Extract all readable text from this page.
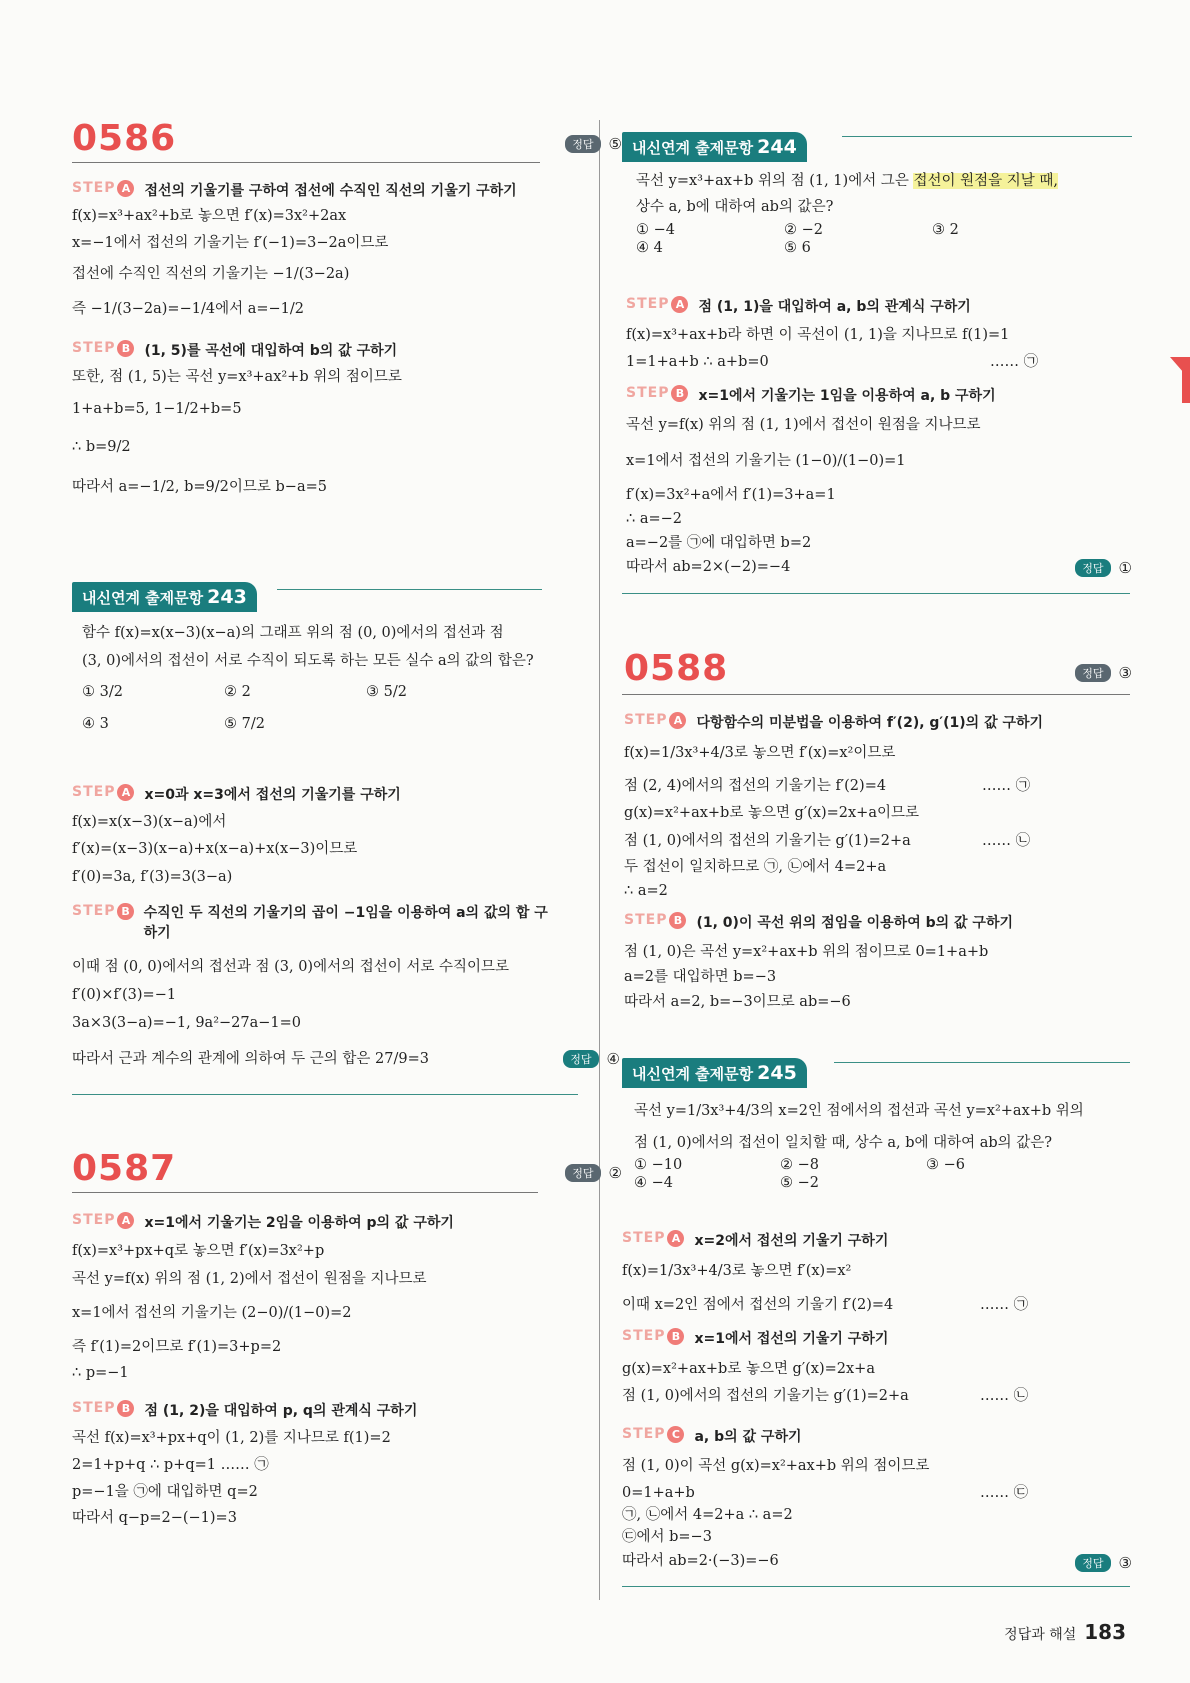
0586	정답	⑤
STEP A	접선의 기울기를 구하여 접선에 수직인 직선의 기울기 구하기
f(x)=x³+ax²+b로 놓으면 f′(x)=3x²+2ax
x=−1에서 접선의 기울기는 f′(−1)=3−2a이므로
접선에 수직인 직선의 기울기는 −1/(3−2a)
즉 −1/(3−2a)=−1/4에서 a=−1/2
STEP B	(1, 5)를 곡선에 대입하여 b의 값 구하기
또한, 점 (1, 5)는 곡선 y=x³+ax²+b 위의 점이므로
1+a+b=5, 1−1/2+b=5
∴ b=9/2
따라서 a=−1/2, b=9/2이므로 b−a=5
내신연계 출제문항 243
함수 f(x)=x(x−3)(x−a)의 그래프 위의 점 (0, 0)에서의 접선과 점
(3, 0)에서의 접선이 서로 수직이 되도록 하는 모든 실수 a의 값의 합은?
① 3/2	② 2	③ 5/2
④ 3	⑤ 7/2
STEP A	x=0과 x=3에서 접선의 기울기를 구하기
f(x)=x(x−3)(x−a)에서
f′(x)=(x−3)(x−a)+x(x−a)+x(x−3)이므로
f′(0)=3a, f′(3)=3(3−a)
STEP B 수직인 두 직선의 기울기의 곱이 −1임을 이용하여 a의 값의 합 구하기
이때 점 (0, 0)에서의 접선과 점 (3, 0)에서의 접선이 서로 수직이므로
f′(0)×f′(3)=−1
3a×3(3−a)=−1, 9a²−27a−1=0
따라서 근과 계수의 관계에 의하여 두 근의 합은 27/9=3	정답	④
0587	정답	②
STEP A	x=1에서 기울기는 2임을 이용하여 p의 값 구하기
f(x)=x³+px+q로 놓으면 f′(x)=3x²+p
곡선 y=f(x) 위의 점 (1, 2)에서 접선이 원점을 지나므로
x=1에서 접선의 기울기는 (2−0)/(1−0)=2
즉 f′(1)=2이므로 f′(1)=3+p=2
∴ p=−1
STEP B	점 (1, 2)을 대입하여 p, q의 관계식 구하기
곡선 f(x)=x³+px+q이 (1, 2)를 지나므로 f(1)=2
2=1+p+q ∴ p+q=1 …… ㉠
p=−1을 ㉠에 대입하면 q=2
따라서 q−p=2−(−1)=3
내신연계 출제문항 244
곡선 y=x³+ax+b 위의 점 (1, 1)에서 그은 접선이 원점을 지날 때,
상수 a, b에 대하여 ab의 값은?
① −4	② −2	③ 2
④ 4	⑤ 6
STEP A	점 (1, 1)을 대입하여 a, b의 관계식 구하기
f(x)=x³+ax+b라 하면 이 곡선이 (1, 1)을 지나므로 f(1)=1
1=1+a+b ∴ a+b=0	…… ㉠
STEP B	x=1에서 기울기는 1임을 이용하여 a, b 구하기
곡선 y=f(x) 위의 점 (1, 1)에서 접선이 원점을 지나므로
x=1에서 접선의 기울기는 (1−0)/(1−0)=1
f′(x)=3x²+a에서 f′(1)=3+a=1
∴ a=−2
a=−2를 ㉠에 대입하면 b=2
따라서 ab=2×(−2)=−4	정답	①
0588	정답	③
STEP A	다항함수의 미분법을 이용하여 f′(2), g′(1)의 값 구하기
f(x)=1/3x³+4/3로 놓으면 f′(x)=x²이므로
점 (2, 4)에서의 접선의 기울기는 f′(2)=4	…… ㉠
g(x)=x²+ax+b로 놓으면 g′(x)=2x+a이므로
점 (1, 0)에서의 접선의 기울기는 g′(1)=2+a	…… ㉡
두 접선이 일치하므로 ㉠, ㉡에서 4=2+a
∴ a=2
STEP B	(1, 0)이 곡선 위의 점임을 이용하여 b의 값 구하기
점 (1, 0)은 곡선 y=x²+ax+b 위의 점이므로 0=1+a+b
a=2를 대입하면 b=−3
따라서 a=2, b=−3이므로 ab=−6
내신연계 출제문항 245
곡선 y=1/3x³+4/3의 x=2인 점에서의 접선과 곡선 y=x²+ax+b 위의
점 (1, 0)에서의 접선이 일치할 때, 상수 a, b에 대하여 ab의 값은?
① −10	② −8	③ −6
④ −4	⑤ −2
STEP A	x=2에서 접선의 기울기 구하기
f(x)=1/3x³+4/3로 놓으면 f′(x)=x²
이때 x=2인 점에서 접선의 기울기 f′(2)=4	…… ㉠
STEP B	x=1에서 접선의 기울기 구하기
g(x)=x²+ax+b로 놓으면 g′(x)=2x+a
점 (1, 0)에서의 접선의 기울기는 g′(1)=2+a	…… ㉡
STEP C	a, b의 값 구하기
점 (1, 0)이 곡선 g(x)=x²+ax+b 위의 점이므로
0=1+a+b	…… ㉢
㉠, ㉡에서 4=2+a ∴ a=2
㉢에서 b=−3
따라서 ab=2·(−3)=−6	정답	③
정답과 해설 183
